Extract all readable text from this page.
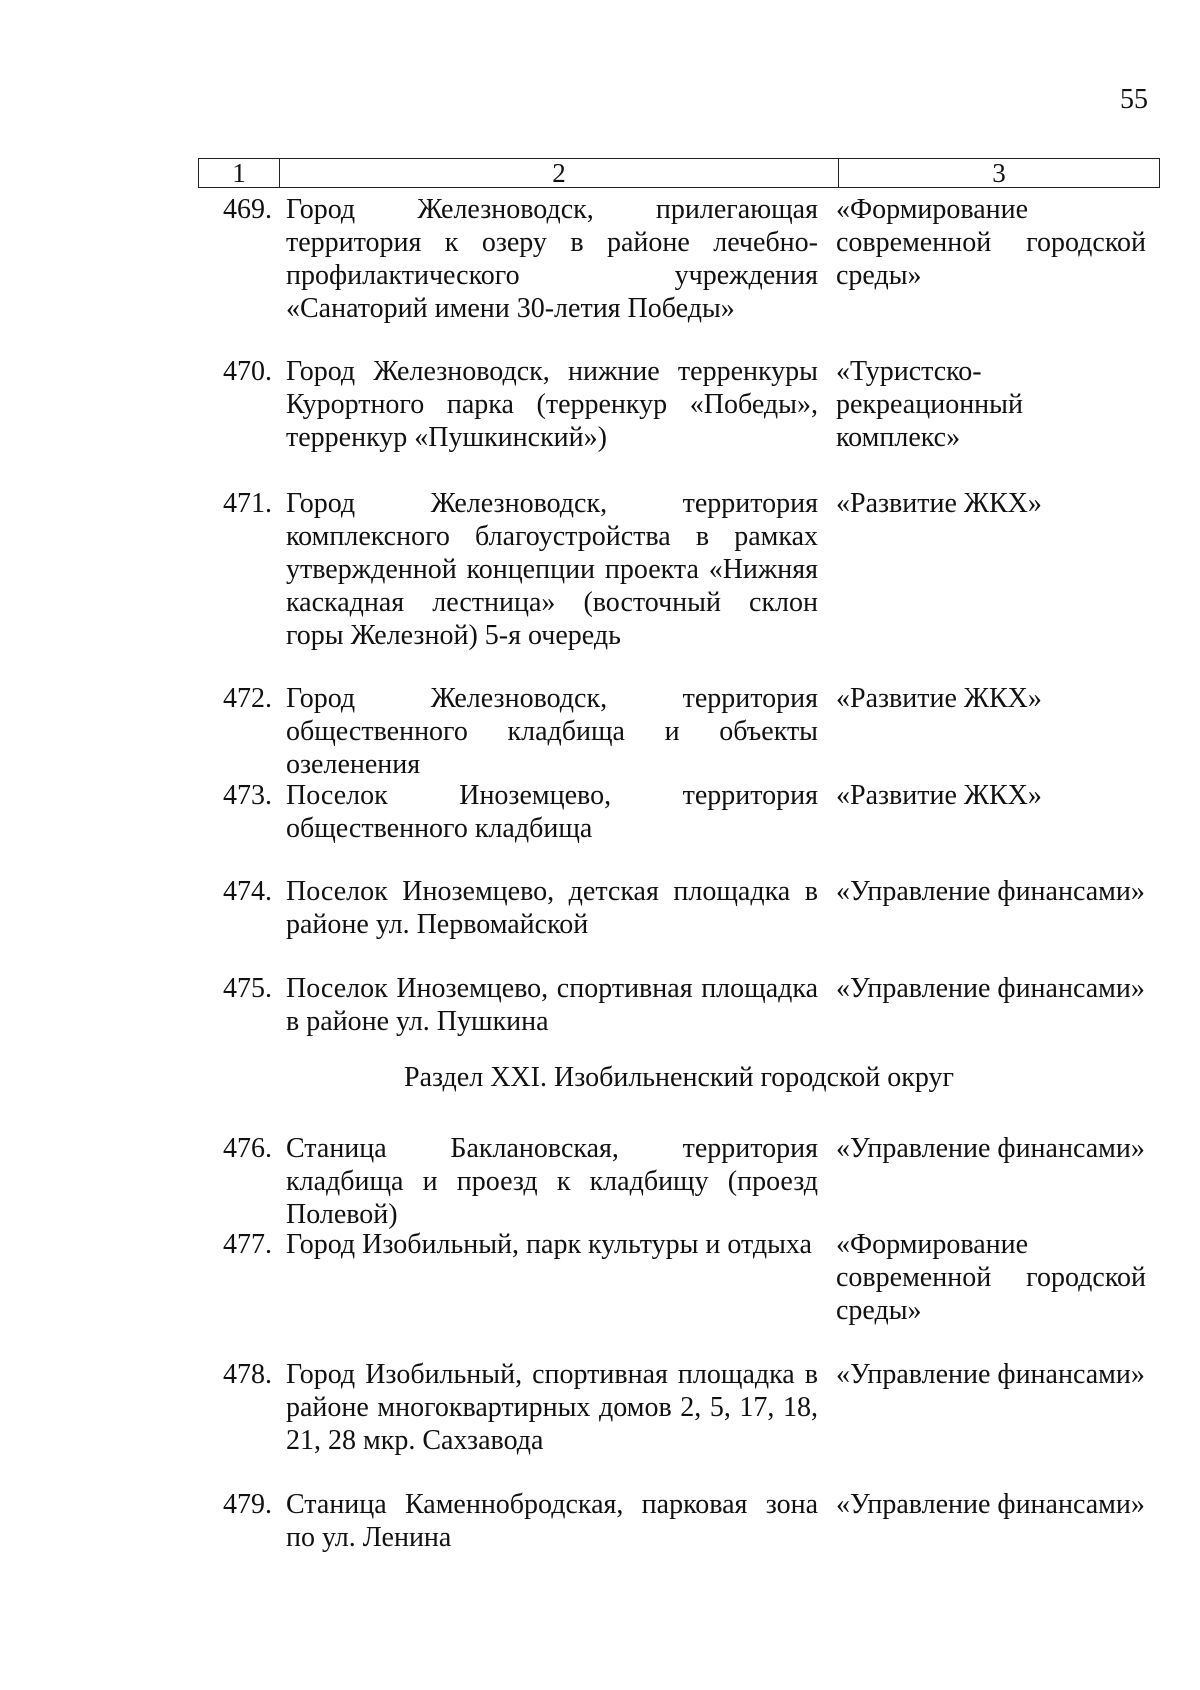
55
1	2	3
469. Город Железноводск, прилегающая территория к озеру в районе лечебно-профилактического учреждения «Санаторий имени 30-летия Победы»
«Формирование современной городской среды»
470. Город Железноводск, нижние терренкуры Курортного парка (терренкур «Победы», терренкур «Пушкинский»)
«Туристско-рекреационный комплекс»
471. Город Железноводск, территория комплексного благоустройства в рамках утвержденной концепции проекта «Нижняя каскадная лестница» (восточный склон горы Железной) 5-я очередь
«Развитие ЖКХ»
472. Город Железноводск, территория общественного кладбища и объекты озеленения
«Развитие ЖКХ»
473. Поселок Иноземцево, территория общественного кладбища
«Развитие ЖКХ»
474. Поселок Иноземцево, детская площадка в районе ул. Первомайской
«Управление финансами»
475. Поселок Иноземцево, спортивная площадка в районе ул. Пушкина
«Управление финансами»
476. Станица Баклановская, территория кладбища и проезд к кладбищу (проезд Полевой)
«Управление финансами»
477. Город Изобильный, парк культуры и отдыха «Формирование современной городской среды»
478. Город Изобильный, спортивная площадка в районе многоквартирных домов 2, 5, 17, 18, 21, 28 мкр. Сахзавода
«Управление финансами»
479. Станица Каменнобродская, парковая зона по ул. Ленина
«Управление финансами»
Раздел XXI. Изобильненский городской округ
